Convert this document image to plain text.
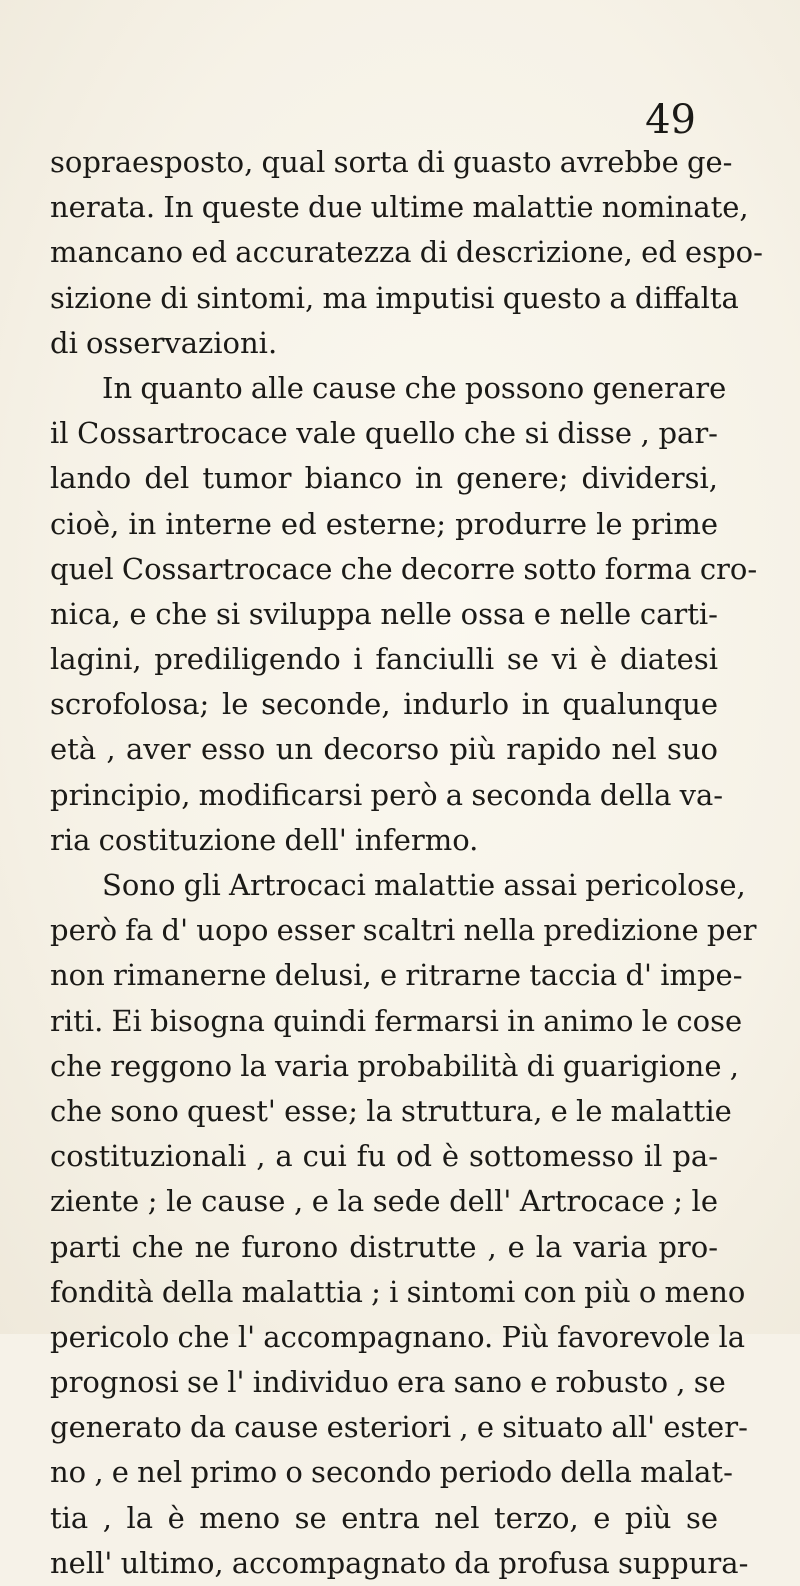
49
sopraesposto, qual sorta di guasto avrebbe ge-
nerata. In queste due ultime malattie nominate,
mancano ed accuratezza di descrizione, ed espo-
sizione di sintomi, ma imputisi questo a diffalta
di osservazioni.
In quanto alle cause che possono generare
il Cossartrocace vale quello che si disse , par-
lando del tumor bianco in genere; dividersi,
cioè, in interne ed esterne; produrre le prime
quel Cossartrocace che decorre sotto forma cro-
nica, e che si sviluppa nelle ossa e nelle carti-
lagini, prediligendo i fanciulli se vi è diatesi
scrofolosa; le seconde, indurlo in qualunque
età , aver esso un decorso più rapido nel suo
principio, modificarsi però a seconda della va-
ria costituzione dell' infermo.
Sono gli Artrocaci malattie assai pericolose,
però fa d' uopo esser scaltri nella predizione per
non rimanerne delusi, e ritrarne taccia d' impe-
riti. Ei bisogna quindi fermarsi in animo le cose
che reggono la varia probabilità di guarigione ,
che sono quest' esse; la struttura, e le malattie
costituzionali , a cui fu od è sottomesso il pa-
ziente ; le cause , e la sede dell' Artrocace ; le
parti che ne furono distrutte , e la varia pro-
fondità della malattia ; i sintomi con più o meno
pericolo che l' accompagnano. Più favorevole la
prognosi se l' individuo era sano e robusto , se
generato da cause esteriori , e situato all' ester-
no , e nel primo o secondo periodo della malat-
tia , la è meno se entra nel terzo, e più se
nell' ultimo, accompagnato da profusa suppura-
